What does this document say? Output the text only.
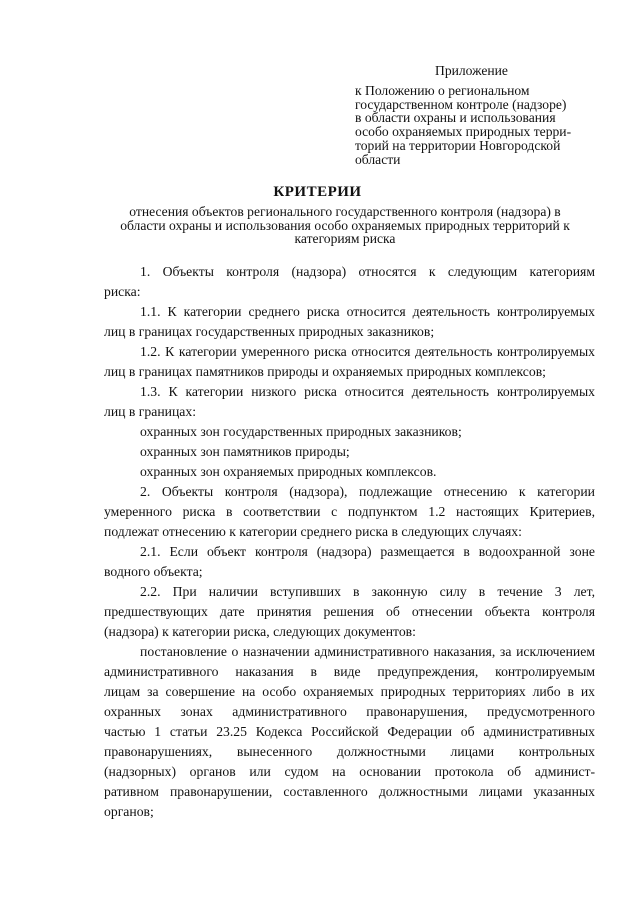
Приложение
к Положению о региональном
государственном контроле (надзоре)
в области охраны и использования
особо охраняемых природных терри-
торий на территории Новгородской
области
КРИТЕРИИ
отнесения объектов регионального государственного контроля (надзора) в
области охраны и использования особо охраняемых природных территорий к
категориям риска
1. Объекты контроля (надзора) относятся к следующим категориям
риска:
1.1. К категории среднего риска относится деятельность контролируемых
лиц в границах государственных природных заказников;
1.2. К категории умеренного риска относится деятельность контролируемых
лиц в границах памятников природы и охраняемых природных комплексов;
1.3. К категории низкого риска относится деятельность контролируемых
лиц в границах:
охранных зон государственных природных заказников;
охранных зон памятников природы;
охранных зон охраняемых природных комплексов.
2. Объекты контроля (надзора), подлежащие отнесению к категории
умеренного риска в соответствии с подпунктом 1.2 настоящих Критериев,
подлежат отнесению к категории среднего риска в следующих случаях:
2.1. Если объект контроля (надзора) размещается в водоохранной зоне
водного объекта;
2.2. При наличии вступивших в законную силу в течение 3 лет,
предшествующих дате принятия решения об отнесении объекта контроля
(надзора) к категории риска, следующих документов:
постановление о назначении административного наказания, за исключением
административного наказания в виде предупреждения, контролируемым
лицам за совершение на особо охраняемых природных территориях либо в их
охранных зонах административного правонарушения, предусмотренного
частью 1 статьи 23.25 Кодекса Российской Федерации об административных
правонарушениях, вынесенного должностными лицами контрольных
(надзорных) органов или судом на основании протокола об админист-
ративном правонарушении, составленного должностными лицами указанных
органов;
